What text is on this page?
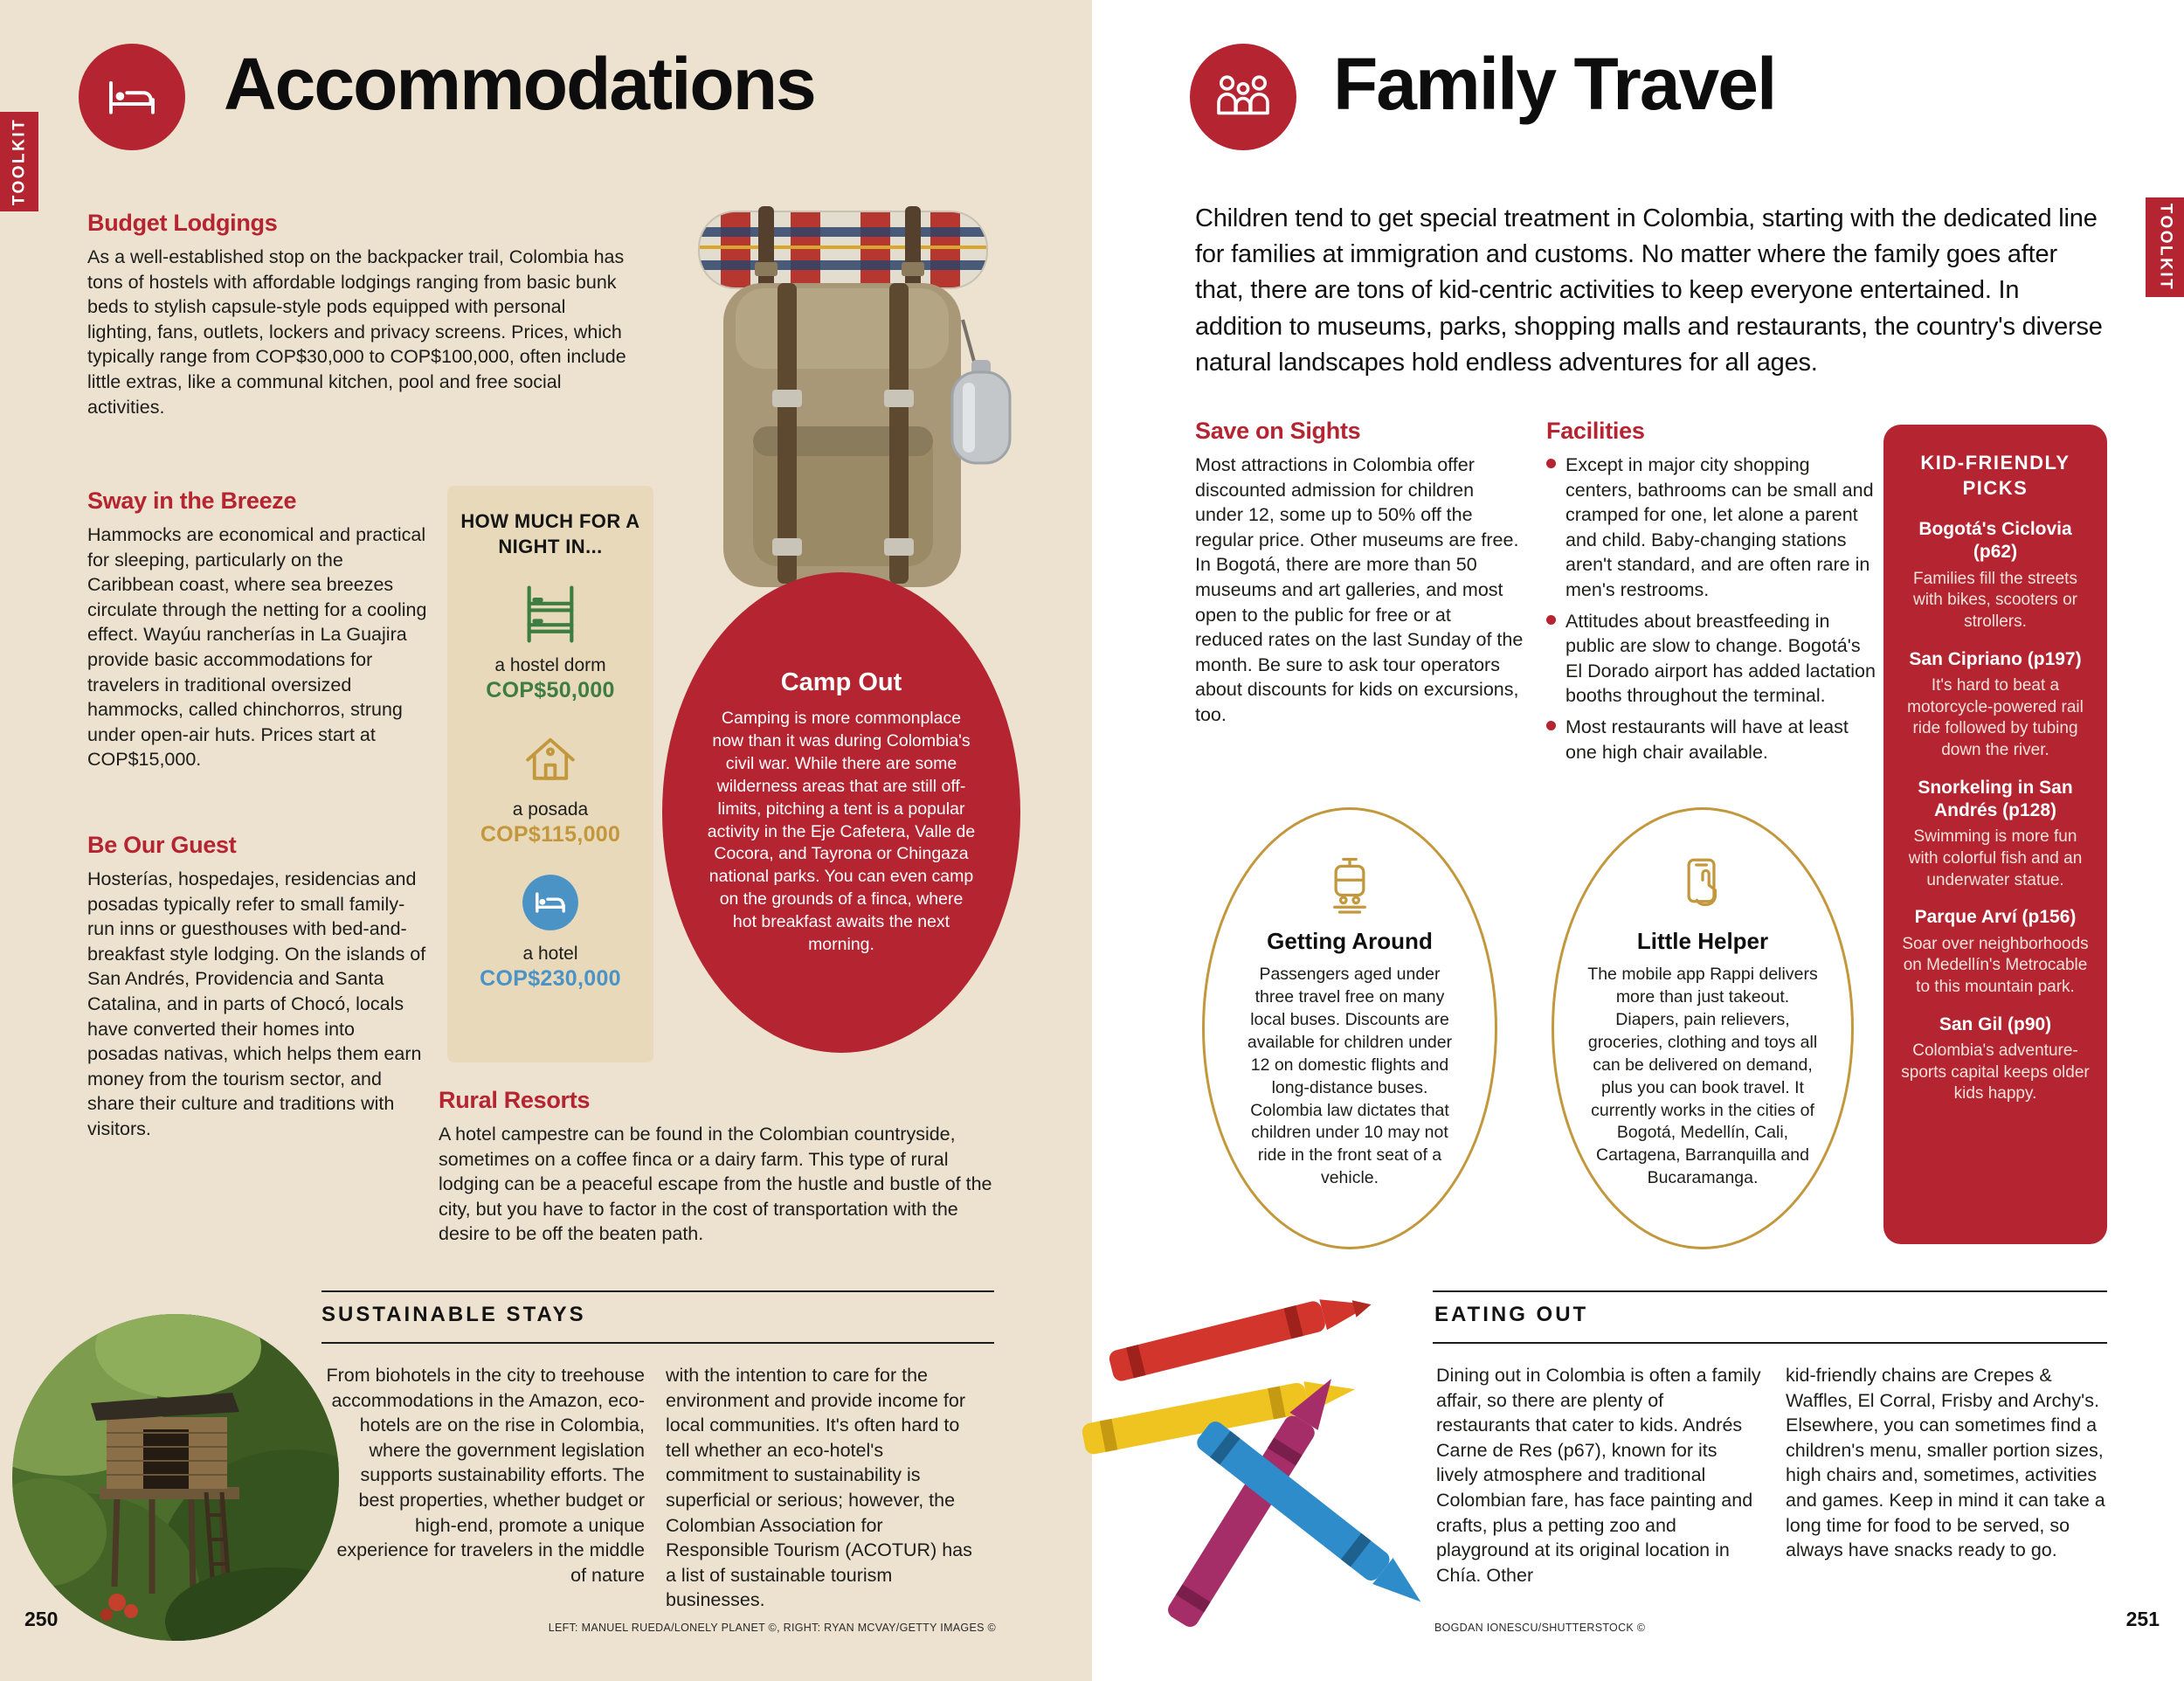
TOOLKIT
Accommodations
Budget Lodgings

As a well-established stop on the backpacker trail, Colombia has tons of hostels with affordable lodgings ranging from basic bunk beds to stylish capsule-style pods equipped with personal lighting, fans, outlets, lockers and privacy screens. Prices, which typically range from COP$30,000 to COP$100,000, often include little extras, like a communal kitchen, pool and free social activities.

Sway in the Breeze

Hammocks are economical and practical for sleeping, particularly on the Caribbean coast, where sea breezes circulate through the netting for a cooling effect. Wayúu rancherías in La Guajira provide basic accommodations for travelers in traditional oversized hammocks, called chinchorros, strung under open-air huts. Prices start at COP$15,000.

Be Our Guest

Hosterías, hospedajes, residencias and posadas typically refer to small family-run inns or guesthouses with bed-and-breakfast style lodging. On the islands of San Andrés, Providencia and Santa Catalina, and in parts of Chocó, locals have converted their homes into posadas nativas, which helps them earn money from the tourism sector, and share their culture and traditions with visitors.

HOW MUCH FOR A NIGHT IN...
a hostel dorm
COP$50,000
a posada
COP$115,000
a hotel
COP$230,000
Camp Out

Camping is more commonplace now than it was during Colombia's civil war. While there are some wilderness areas that are still off-limits, pitching a tent is a popular activity in the Eje Cafetera, Valle de Cocora, and Tayrona or Chingaza national parks. You can even camp on the grounds of a finca, where hot breakfast awaits the next morning.

Rural Resorts

A hotel campestre can be found in the Colombian countryside, sometimes on a coffee finca or a dairy farm. This type of rural lodging can be a peaceful escape from the hustle and bustle of the city, but you have to factor in the cost of transportation with the desire to be off the beaten path.

SUSTAINABLE STAYS

From biohotels in the city to treehouse accommodations in the Amazon, eco-hotels are on the rise in Colombia, where the government legislation supports sustainability efforts. The best properties, whether budget or high-end, promote a unique experience for travelers in the middle of nature

with the intention to care for the environment and provide income for local communities. It's often hard to tell whether an eco-hotel's commitment to sustainability is superficial or serious; however, the Colombian Association for Responsible Tourism (ACOTUR) has a list of sustainable tourism businesses.

250	LEFT: MANUEL RUEDA/LONELY PLANET ©, RIGHT: RYAN MCVAY/GETTY IMAGES ©
TOOLKIT
Family Travel

Children tend to get special treatment in Colombia, starting with the dedicated line for families at immigration and customs. No matter where the family goes after that, there are tons of kid-centric activities to keep everyone entertained. In addition to museums, parks, shopping malls and restaurants, the country's diverse natural landscapes hold endless adventures for all ages.

Save on Sights

Most attractions in Colombia offer discounted admission for children under 12, some up to 50% off the regular price. Other museums are free. In Bogotá, there are more than 50 museums and art galleries, and most open to the public for free or at reduced rates on the last Sunday of the month. Be sure to ask tour operators about discounts for kids on excursions, too.

Facilities
Except in major city shopping centers, bathrooms can be small and cramped for one, let alone a parent and child. Baby-changing stations aren't standard, and are often rare in men's restrooms.
Attitudes about breastfeeding in public are slow to change. Bogotá's El Dorado airport has added lactation booths throughout the terminal.
Most restaurants will have at least one high chair available.
KID-FRIENDLY PICKS
Bogotá's Ciclovia (p62)

Families fill the streets with bikes, scooters or strollers.

San Cipriano (p197)

It's hard to beat a motorcycle-powered rail ride followed by tubing down the river.

Snorkeling in San Andrés (p128)

Swimming is more fun with colorful fish and an underwater statue.

Parque Arví (p156)

Soar over neighborhoods on Medellín's Metrocable to this mountain park.

San Gil (p90)

Colombia's adventure-sports capital keeps older kids happy.

Getting Around

Passengers aged under three travel free on many local buses. Discounts are available for children under 12 on domestic flights and long-distance buses. Colombia law dictates that children under 10 may not ride in the front seat of a vehicle.

Little Helper

The mobile app Rappi delivers more than just takeout. Diapers, pain relievers, groceries, clothing and toys all can be delivered on demand, plus you can book travel. It currently works in the cities of Bogotá, Medellín, Cali, Cartagena, Barranquilla and Bucaramanga.

EATING OUT

Dining out in Colombia is often a family affair, so there are plenty of restaurants that cater to kids. Andrés Carne de Res (p67), known for its lively atmosphere and traditional Colombian fare, has face painting and crafts, plus a petting zoo and playground at its original location in Chía. Other

kid-friendly chains are Crepes & Waffles, El Corral, Frisby and Archy's. Elsewhere, you can sometimes find a children's menu, smaller portion sizes, high chairs and, sometimes, activities and games. Keep in mind it can take a long time for food to be served, so always have snacks ready to go.

BOGDAN IONESCU/SHUTTERSTOCK ©	251
